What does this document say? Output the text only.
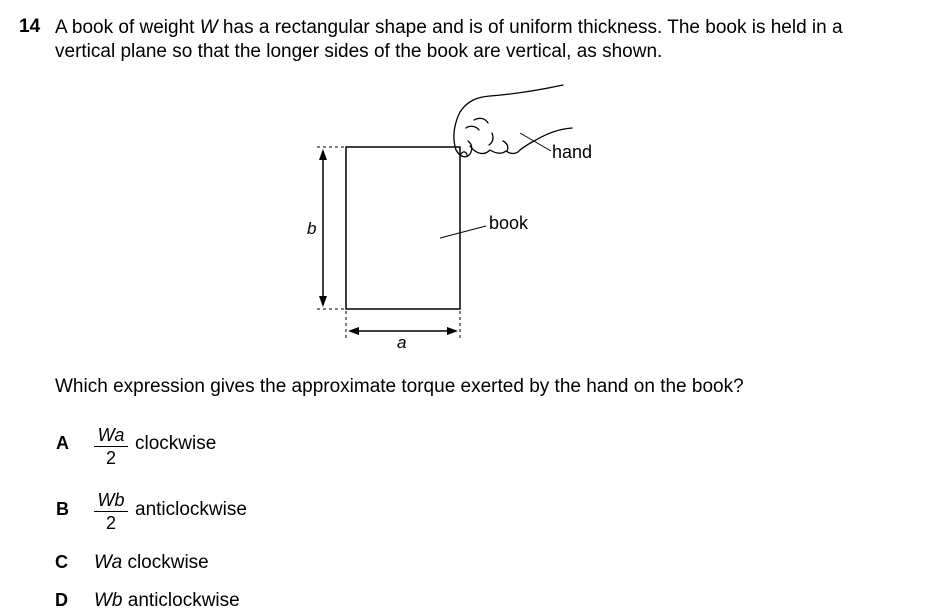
14 A book of weight W has a rectangular shape and is of uniform thickness. The book is held in a vertical plane so that the longer sides of the book are vertical, as shown.
hand
book
b
a
Which expression gives the approximate torque exerted by the hand on the book?
A $\frac{Wa}{2}$ clockwise
B $\frac{Wb}{2}$ anticlockwise
C Wa clockwise
D Wb anticlockwise
